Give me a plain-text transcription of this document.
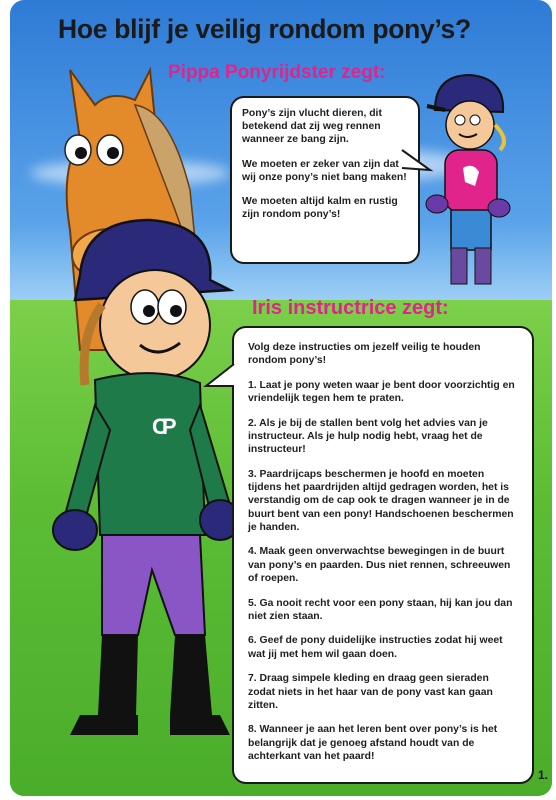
CP
Hoe blijf je veilig rondom pony’s?
Pippa Ponyrijdster zegt:

Pony’s zijn vlucht dieren, dit betekend dat zij weg rennen wanneer ze bang zijn.

We moeten er zeker van zijn dat wij onze pony’s niet bang maken!

We moeten altijd kalm en rustig zijn rondom pony’s!

Iris instructrice zegt:

Volg deze instructies om jezelf veilig te houden rondom pony’s!

1. Laat je pony weten waar je bent door voorzichtig en vriendelijk tegen hem te praten.

2. Als je bij de stallen bent volg het advies van je instructeur. Als je hulp nodig hebt, vraag het de instructeur!

3. Paardrijcaps beschermen je hoofd en moeten tijdens het paardrijden altijd gedragen worden, het is verstandig om de cap ook te dragen wanneer je in de buurt bent van een pony! Handschoenen beschermen je handen.

4. Maak geen onverwachtse bewegingen in de buurt van pony’s en paarden. Dus niet rennen, schreeuwen of roepen.

5. Ga nooit recht voor een pony staan, hij kan jou dan niet zien staan.

6. Geef de pony duidelijke instructies zodat hij weet wat jij met hem wil gaan doen.

7. Draag simpele kleding en draag geen sieraden zodat niets in het haar van de pony vast kan gaan zitten.

8. Wanneer je aan het leren bent over pony’s is het belangrijk dat je genoeg afstand houdt van de achterkant van het paard!

1.
